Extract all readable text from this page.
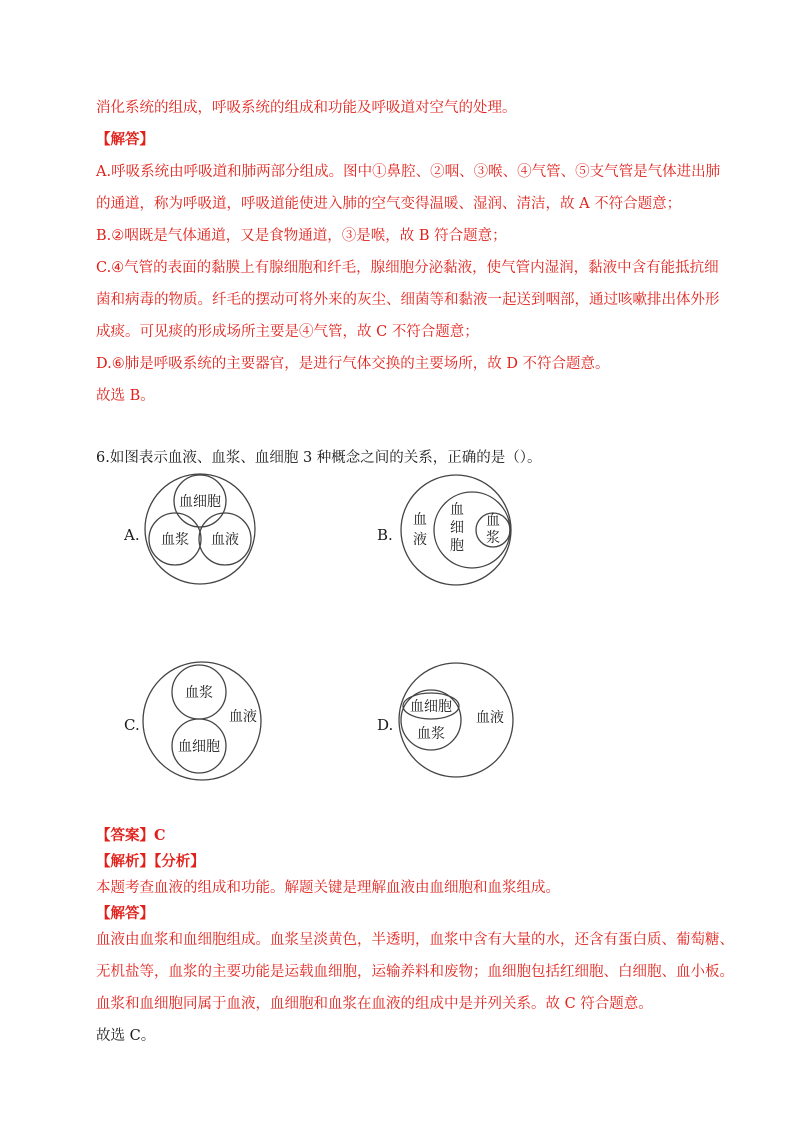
消化系统的组成，呼吸系统的组成和功能及呼吸道对空气的处理。
【解答】
A.呼吸系统由呼吸道和肺两部分组成。图中①鼻腔、②咽、③喉、④气管、⑤支气管是气体进出肺
的通道，称为呼吸道，呼吸道能使进入肺的空气变得温暖、湿润、清洁，故 A 不符合题意；
B.②咽既是气体通道，又是食物通道，③是喉，故 B 符合题意；
C.④气管的表面的黏膜上有腺细胞和纤毛，腺细胞分泌黏液，使气管内湿润，黏液中含有能抵抗细
菌和病毒的物质。纤毛的摆动可将外来的灰尘、细菌等和黏液一起送到咽部，通过咳嗽排出体外形
成痰。可见痰的形成场所主要是④气管，故 C 不符合题意；
D.⑥肺是呼吸系统的主要器官，是进行气体交换的主要场所，故 D 不符合题意。
故选 B。
6.如图表示血液、血浆、血细胞 3 种概念之间的关系，正确的是（）。
A.
血细胞
血浆 血液	B.
血
液
血
细
胞
血
浆
C.
血浆
血细胞
血液	D.
血细胞
血浆
血液
【答案】C
【解析】【分析】
本题考查血液的组成和功能。解题关键是理解血液由血细胞和血浆组成。
【解答】
血液由血浆和血细胞组成。血浆呈淡黄色，半透明，血浆中含有大量的水，还含有蛋白质、葡萄糖、
无机盐等，血浆的主要功能是运载血细胞，运输养料和废物；血细胞包括红细胞、白细胞、血小板。
血浆和血细胞同属于血液，血细胞和血浆在血液的组成中是并列关系。故 C 符合题意。
故选 C。
